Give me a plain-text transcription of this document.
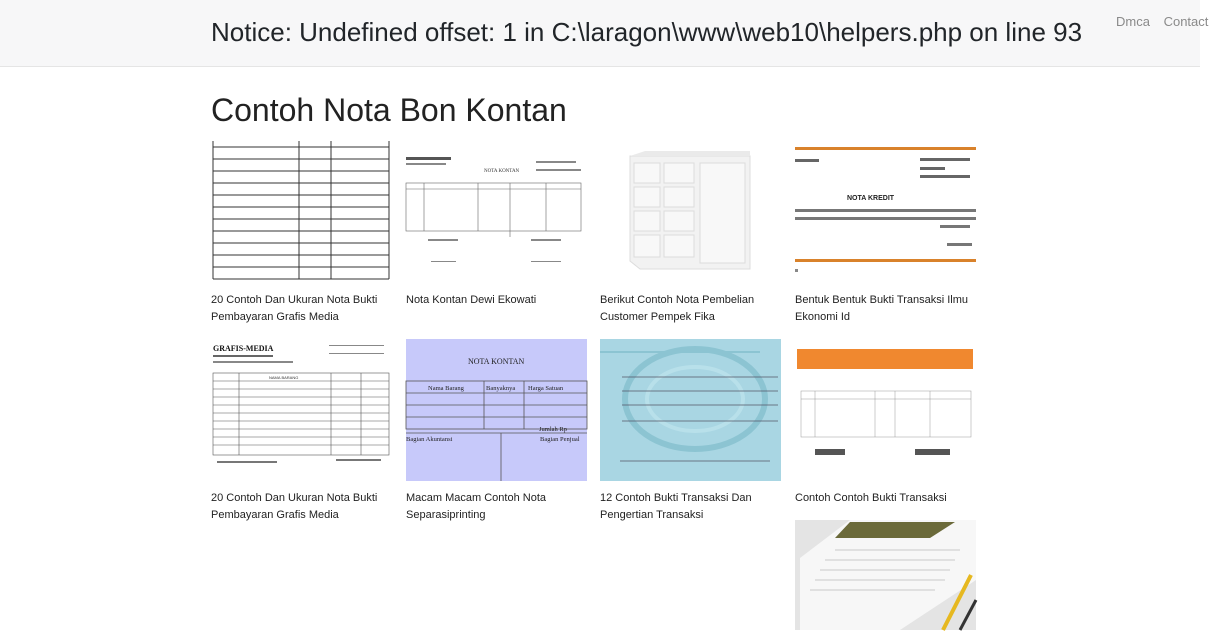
Notice: Undefined offset: 1 in C:\laragon\www\web10\helpers.php on line 93	Dmca Contact
Contoh Nota Bon Kontan
20 Contoh Dan Ukuran Nota Bukti Pembayaran Grafis Media
NOTA KONTAN
Nota Kontan Dewi Ekowati	Berikut Contoh Nota Pembelian Customer Pempek Fika
NOTA KREDIT
Bentuk Bentuk Bukti Transaksi Ilmu Ekonomi Id
GRAFIS-MEDIA
NAMA BARANG
20 Contoh Dan Ukuran Nota Bukti Pembayaran Grafis Media
NOTA KONTAN
Nama Barang	Banyaknya Harga Satuan
Jumlah Rp
Bagian Akuntansi	Bagian Penjual
Macam Macam Contoh Nota Separasiprinting
12 Contoh Bukti Transaksi Dan Pengertian Transaksi
Contoh Contoh Bukti Transaksi
